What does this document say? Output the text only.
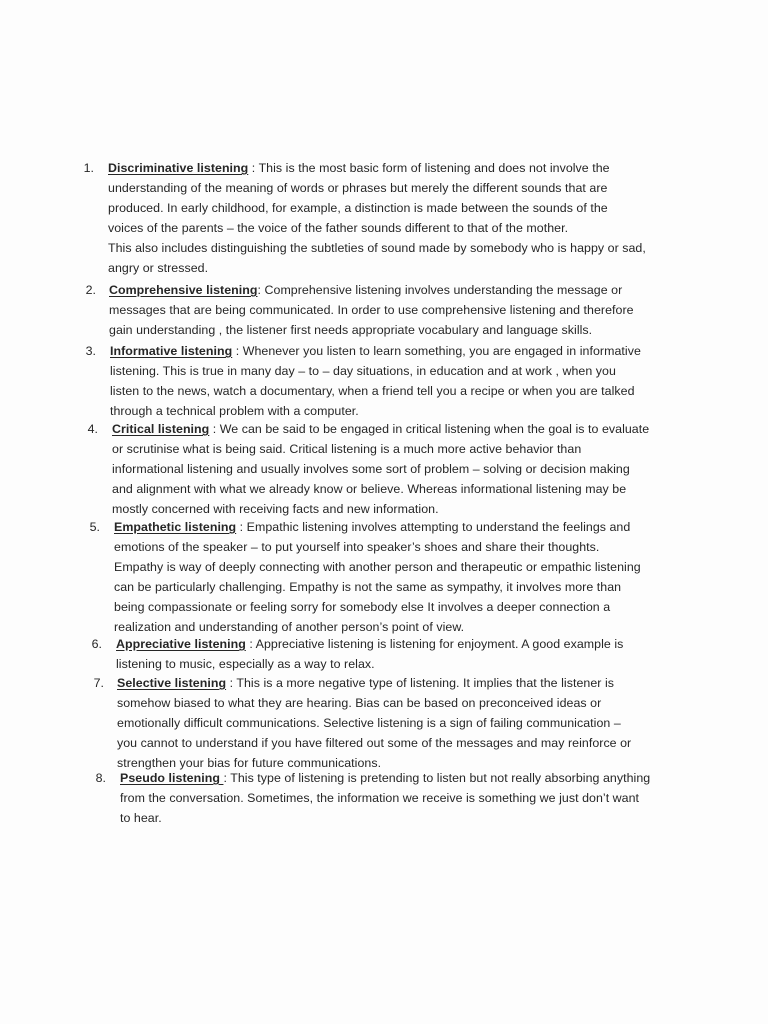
1. Discriminative listening : This is the most basic form of listening and does not involve the
understanding of the meaning of words or phrases but merely the different sounds that are
produced. In early childhood, for example, a distinction is made between the sounds of the
voices of the parents – the voice of the father sounds different to that of the mother.
This also includes distinguishing the subtleties of sound made by somebody who is happy or sad,
angry or stressed.
2. Comprehensive listening: Comprehensive listening involves understanding the message or
messages that are being communicated. In order to use comprehensive listening and therefore
gain understanding , the listener first needs appropriate vocabulary and language skills.
3. Informative listening : Whenever you listen to learn something, you are engaged in informative
listening. This is true in many day – to – day situations, in education and at work , when you
listen to the news, watch a documentary, when a friend tell you a recipe or when you are talked
through a technical problem with a computer.
4. Critical listening : We can be said to be engaged in critical listening when the goal is to evaluate
or scrutinise what is being said. Critical listening is a much more active behavior than
informational listening and usually involves some sort of problem – solving or decision making
and alignment with what we already know or believe. Whereas informational listening may be
mostly concerned with receiving facts and new information.
5. Empathetic listening : Empathic listening involves attempting to understand the feelings and
emotions of the speaker – to put yourself into speaker’s shoes and share their thoughts.
Empathy is way of deeply connecting with another person and therapeutic or empathic listening
can be particularly challenging. Empathy is not the same as sympathy, it involves more than
being compassionate or feeling sorry for somebody else It involves a deeper connection a
realization and understanding of another person’s point of view.
6. Appreciative listening : Appreciative listening is listening for enjoyment. A good example is
listening to music, especially as a way to relax.
7. Selective listening : This is a more negative type of listening. It implies that the listener is
somehow biased to what they are hearing. Bias can be based on preconceived ideas or
emotionally difficult communications. Selective listening is a sign of failing communication –
you cannot to understand if you have filtered out some of the messages and may reinforce or
strengthen your bias for future communications.
8. Pseudo listening : This type of listening is pretending to listen but not really absorbing anything
from the conversation. Sometimes, the information we receive is something we just don’t want
to hear.
